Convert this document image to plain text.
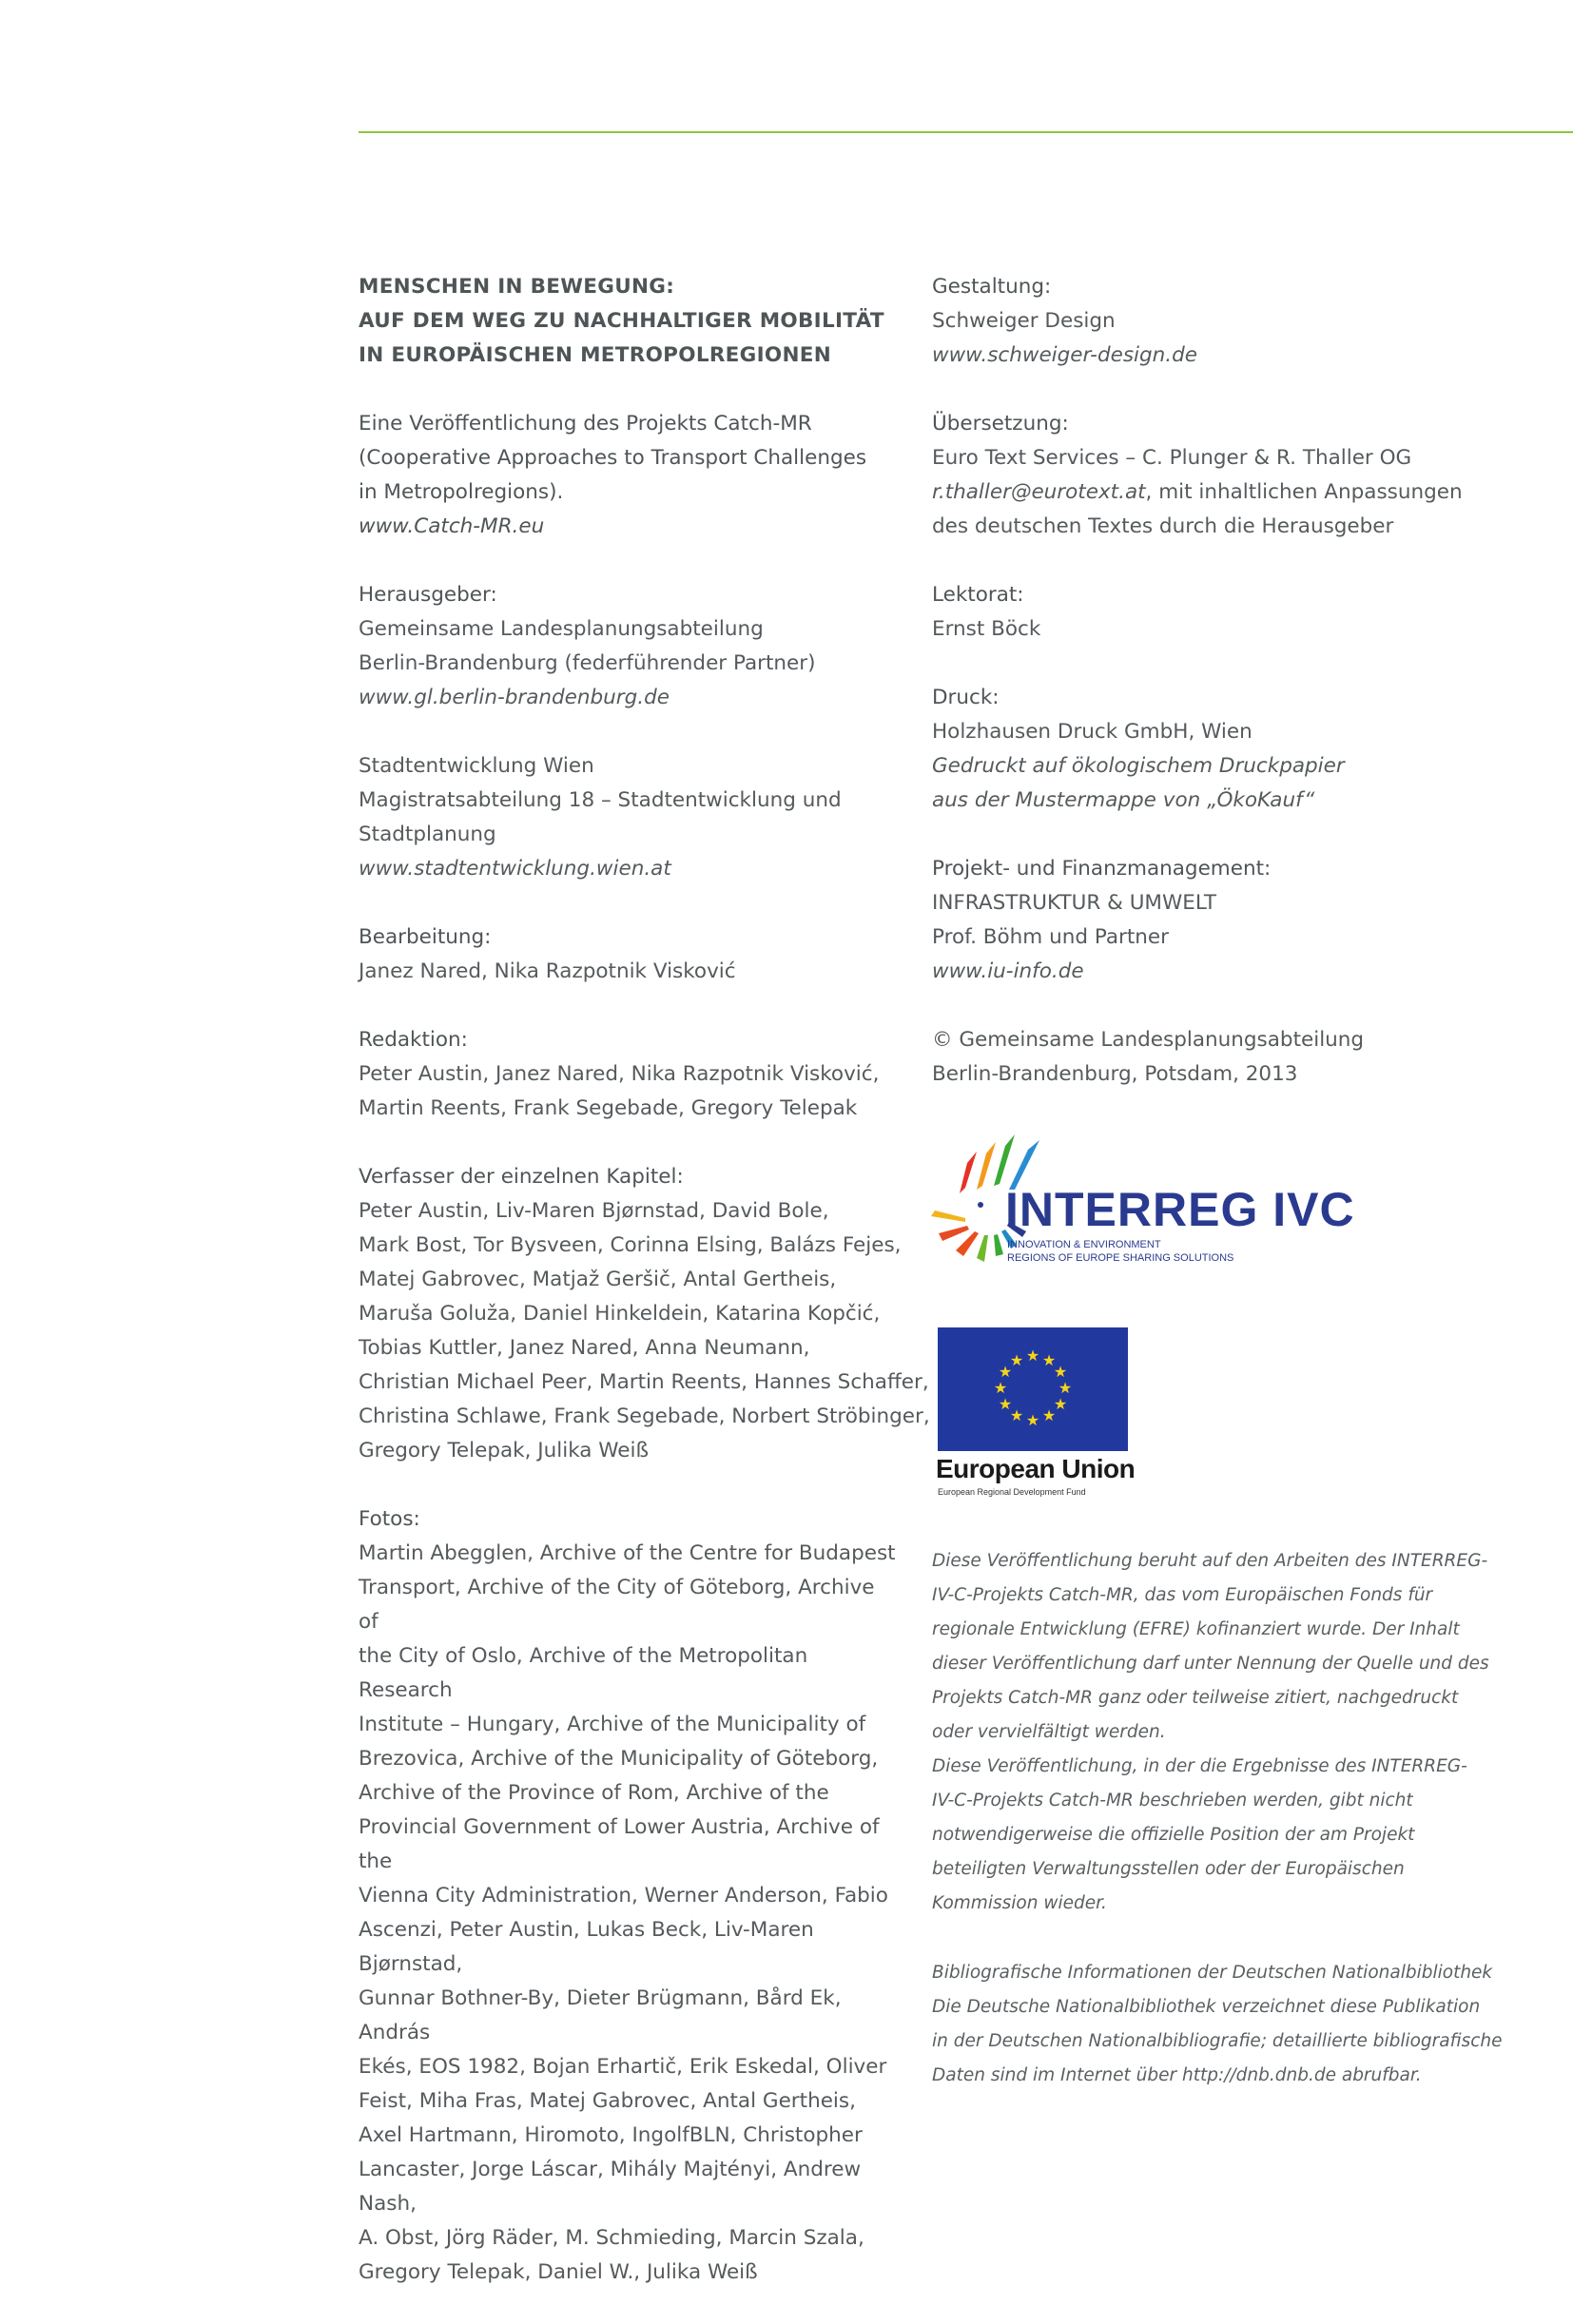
MENSCHEN IN BEWEGUNG:
AUF DEM WEG ZU NACHHALTIGER MOBILITÄT
IN EUROPÄISCHEN METROPOLREGIONEN
Eine Veröffentlichung des Projekts Catch-MR
(Cooperative Approaches to Transport Challenges
in Metropolregions).
www.Catch-MR.eu
Herausgeber:
Gemeinsame Landesplanungsabteilung
Berlin-Brandenburg (federführender Partner)
www.gl.berlin-brandenburg.de
Stadtentwicklung Wien
Magistratsabteilung 18 – Stadtentwicklung und
Stadtplanung
www.stadtentwicklung.wien.at
Bearbeitung:
Janez Nared, Nika Razpotnik Visković
Redaktion:
Peter Austin, Janez Nared, Nika Razpotnik Visković,
Martin Reents, Frank Segebade, Gregory Telepak
Verfasser der einzelnen Kapitel:
Peter Austin, Liv-Maren Bjørnstad, David Bole,
Mark Bost, Tor Bysveen, Corinna Elsing, Balázs Fejes,
Matej Gabrovec, Matjaž Geršič, Antal Gertheis,
Maruša Goluža, Daniel Hinkeldein, Katarina Kopčić,
Tobias Kuttler, Janez Nared, Anna Neumann,
Christian Michael Peer, Martin Reents, Hannes Schaffer,
Christina Schlawe, Frank Segebade, Norbert Ströbinger,
Gregory Telepak, Julika Weiß
Fotos:
Martin Abegglen, Archive of the Centre for Budapest
Transport, Archive of the City of Göteborg, Archive of
the City of Oslo, Archive of the Metropolitan Research
Institute – Hungary, Archive of the Municipality of
Brezovica, Archive of the Municipality of Göteborg,
Archive of the Province of Rom, Archive of the
Provincial Government of Lower Austria, Archive of the
Vienna City Administration, Werner Anderson, Fabio
Ascenzi, Peter Austin, Lukas Beck, Liv-Maren Bjørnstad,
Gunnar Bothner-By, Dieter Brügmann, Bård Ek, András
Ekés, EOS 1982, Bojan Erhartič, Erik Eskedal, Oliver
Feist, Miha Fras, Matej Gabrovec, Antal Gertheis,
Axel Hartmann, Hiromoto, IngolfBLN, Christopher
Lancaster, Jorge Láscar, Mihály Majtényi, Andrew Nash,
A. Obst, Jörg Räder, M. Schmieding, Marcin Szala,
Gregory Telepak, Daniel W., Julika Weiß
Gestaltung:
Schweiger Design
www.schweiger-design.de
Übersetzung:
Euro Text Services – C. Plunger & R. Thaller OG
r.thaller@eurotext.at, mit inhaltlichen Anpassungen
des deutschen Textes durch die Herausgeber
Lektorat:
Ernst Böck
Druck:
Holzhausen Druck GmbH, Wien
Gedruckt auf ökologischem Druckpapier
aus der Mustermappe von „ÖkoKauf“
Projekt- und Finanzmanagement:
INFRASTRUKTUR & UMWELT
Prof. Böhm und Partner
www.iu-info.de
© Gemeinsame Landesplanungsabteilung
Berlin-Brandenburg, Potsdam, 2013
INTERREG IVC
INNOVATION & ENVIRONMENT
REGIONS OF EUROPE SHARING SOLUTIONS
★ ★
★
★
★
★
★
★
★
★
★
★
European Union
European Regional Development Fund
Diese Veröffentlichung beruht auf den Arbeiten des INTERREG-
IV-C-Projekts Catch-MR, das vom Europäischen Fonds für
regionale Entwicklung (EFRE) kofinanziert wurde. Der Inhalt
dieser Veröffentlichung darf unter Nennung der Quelle und des
Projekts Catch-MR ganz oder teilweise zitiert, nachgedruckt
oder vervielfältigt werden.
Diese Veröffentlichung, in der die Ergebnisse des INTERREG-
IV-C-Projekts Catch-MR beschrieben werden, gibt nicht
notwendigerweise die offizielle Position der am Projekt
beteiligten Verwaltungsstellen oder der Europäischen
Kommission wieder.
Bibliografische Informationen der Deutschen Nationalbibliothek
Die Deutsche Nationalbibliothek verzeichnet diese Publikation
in der Deutschen Nationalbibliografie; detaillierte bibliografische
Daten sind im Internet über http://dnb.dnb.de abrufbar.
